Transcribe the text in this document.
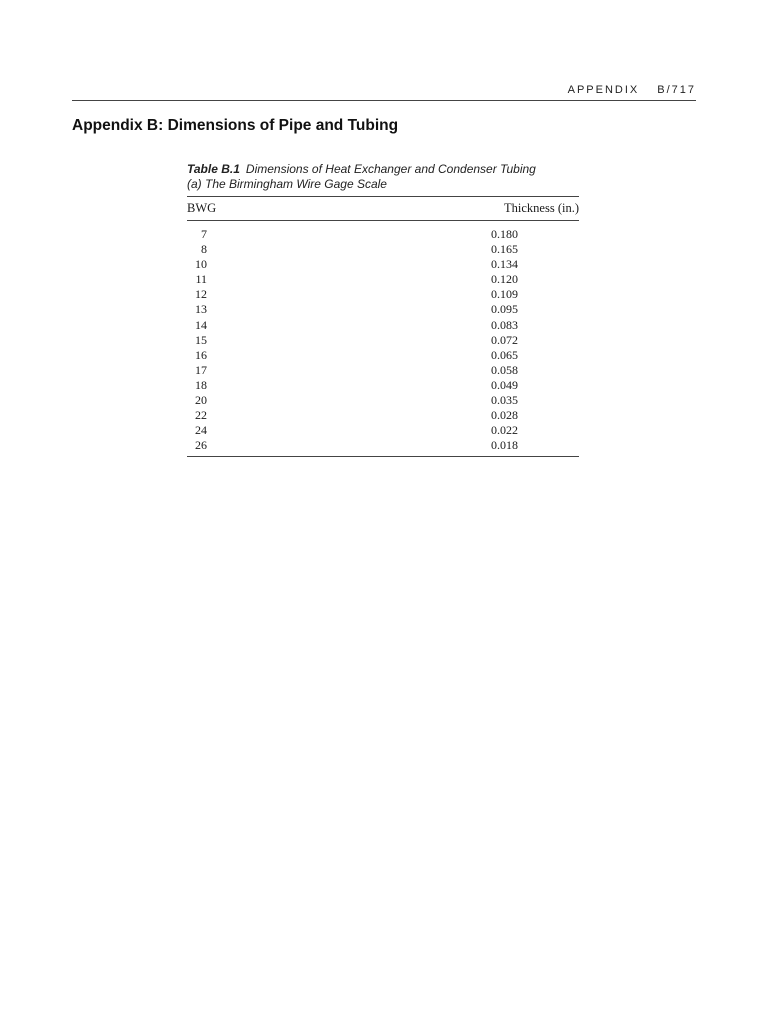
APPENDIX B/717
Appendix B: Dimensions of Pipe and Tubing
Table B.1 Dimensions of Heat Exchanger and Condenser Tubing
(a) The Birmingham Wire Gage Scale
BWG	Thickness (in.)
7	0.180
8	0.165
10	0.134
11	0.120
12	0.109
13	0.095
14	0.083
15	0.072
16	0.065
17	0.058
18	0.049
20	0.035
22	0.028
24	0.022
26	0.018
